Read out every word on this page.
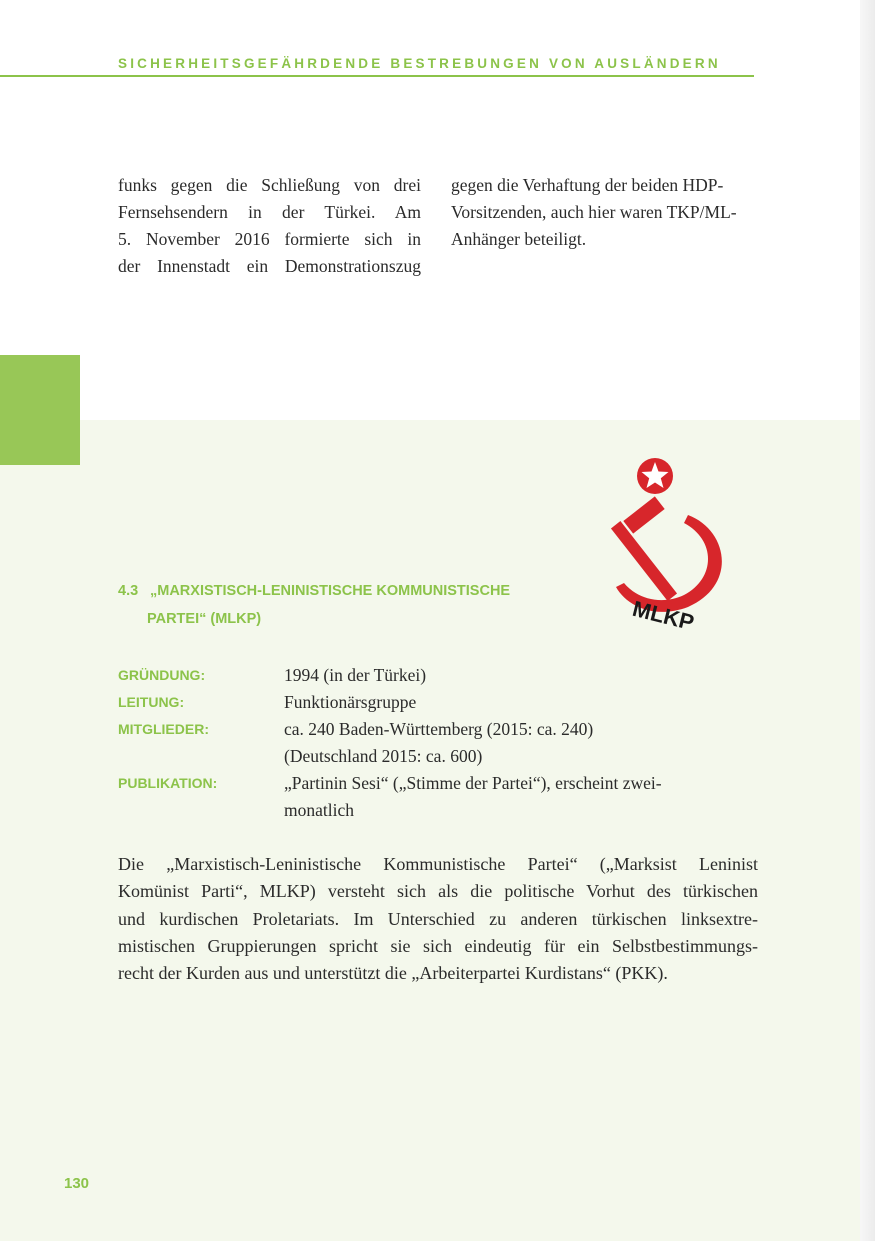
SICHERHEITSGEFÄHRDENDE BESTREBUNGEN VON AUSLÄNDERN
funks gegen die Schließung von drei
Fernsehsendern in der Türkei. Am
5. November 2016 formierte sich in
der Innenstadt ein Demonstrationszug
gegen die Verhaftung der beiden HDP-
Vorsitzenden, auch hier waren TKP/ML-
Anhänger beteiligt.
MLKP
4.3 „MARXISTISCH-LENINISTISCHE KOMMUNISTISCHE
PARTEI“ (MLKP)
GRÜNDUNG:	1994 (in der Türkei)
LEITUNG:	Funktionärsgruppe
MITGLIEDER:	ca. 240 Baden-Württemberg (2015: ca. 240)
(Deutschland 2015: ca. 600)
PUBLIKATION:	„Partinin Sesi“ („Stimme der Partei“), erscheint zwei-
monatlich
Die „Marxistisch-Leninistische Kommunistische Partei“ („Marksist Leninist
Komünist Parti“, MLKP) versteht sich als die politische Vorhut des türkischen
und kurdischen Proletariats. Im Unterschied zu anderen türkischen linksextre-
mistischen Gruppierungen spricht sie sich eindeutig für ein Selbstbestimmungs-
recht der Kurden aus und unterstützt die „Arbeiterpartei Kurdistans“ (PKK).
130
